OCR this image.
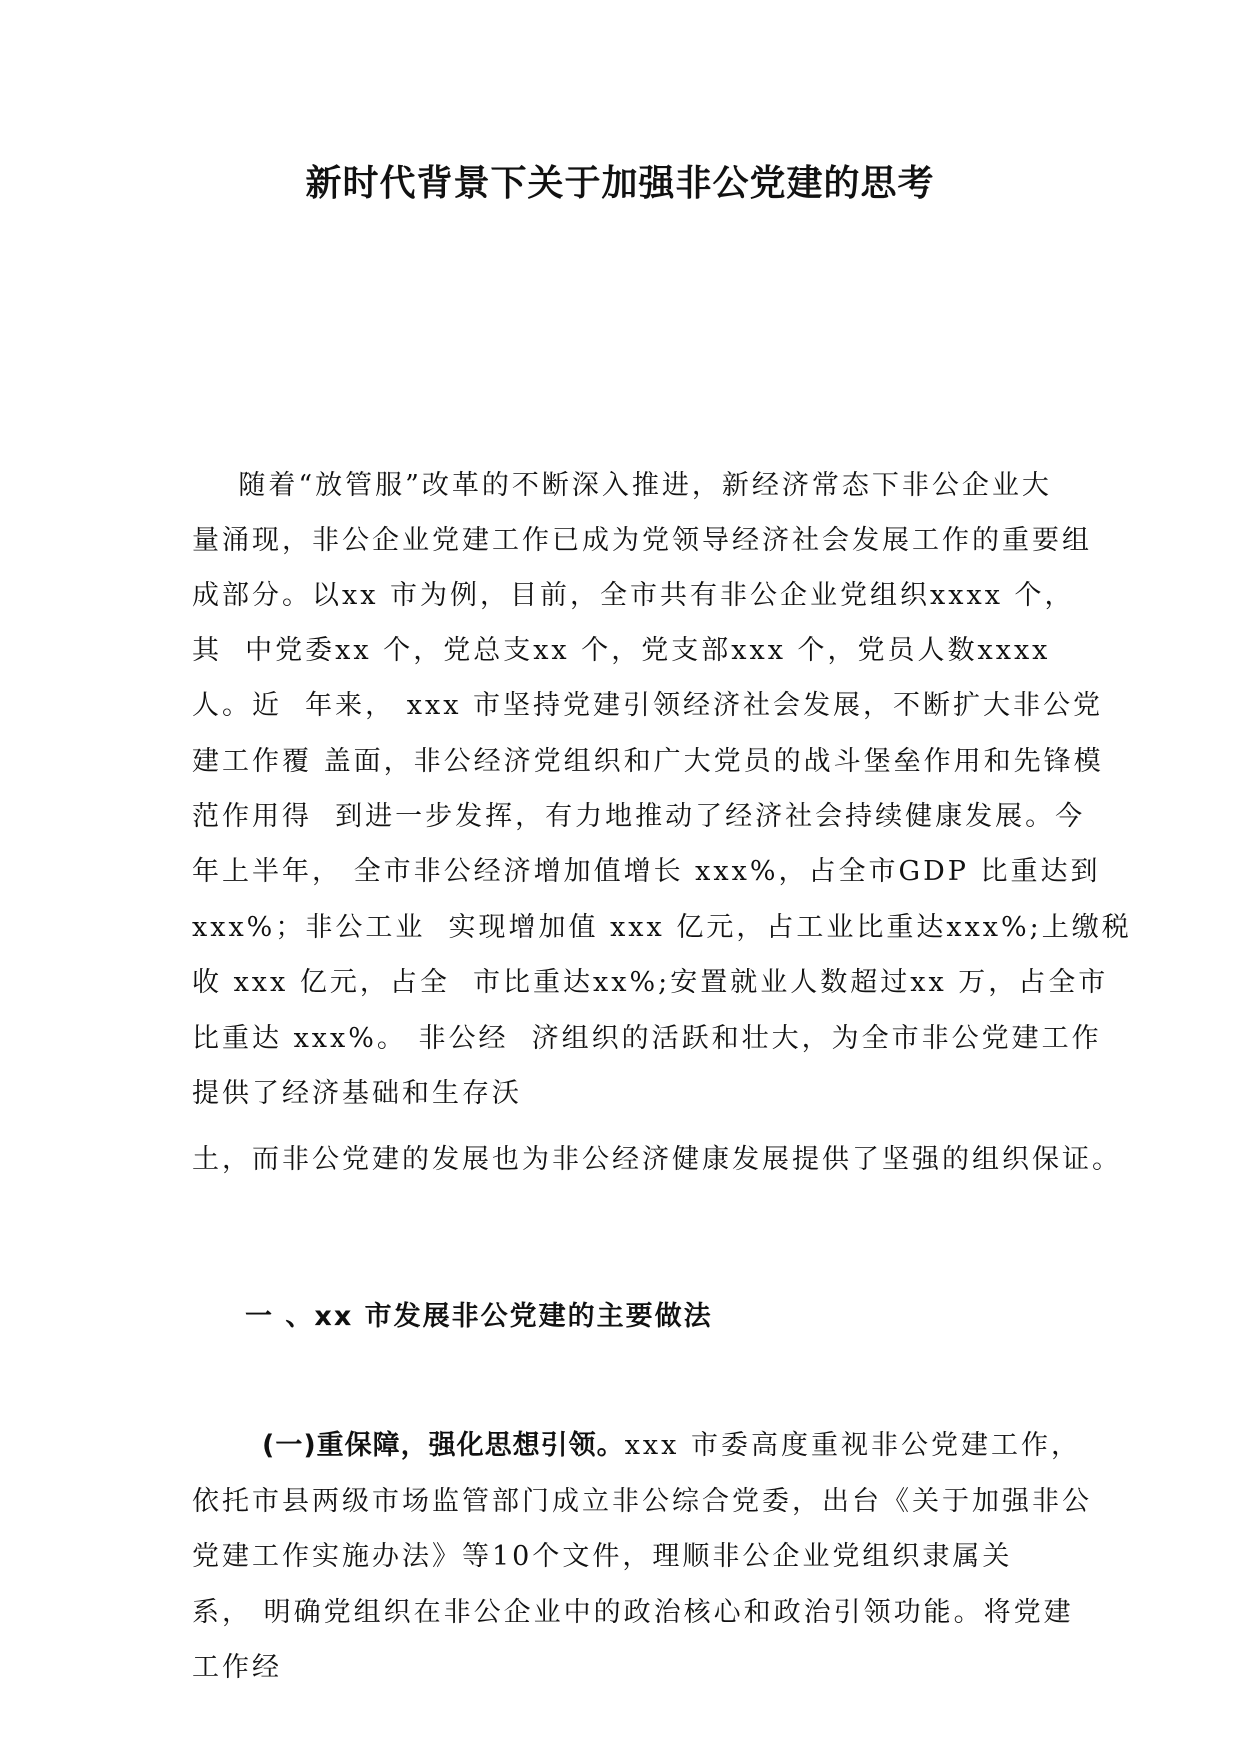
新时代背景下关于加强非公党建的思考
随着“放管服”改革的不断深入推进，新经济常态下非公企业大
量涌现，非公企业党建工作已成为党领导经济社会发展工作的重要组
成部分。以xx 市为例，目前，全市共有非公企业党组织xxxx 个，
其  中党委xx 个，党总支xx 个，党支部xxx 个，党员人数xxxx
人。近  年来， xxx 市坚持党建引领经济社会发展，不断扩大非公党
建工作覆 盖面，非公经济党组织和广大党员的战斗堡垒作用和先锋模
范作用得  到进一步发挥，有力地推动了经济社会持续健康发展。今
年上半年， 全市非公经济增加值增长 xxx%，占全市GDP 比重达到
xxx%；非公工业  实现增加值 xxx 亿元，占工业比重达xxx%;上缴税
收 xxx 亿元，占全  市比重达xx%;安置就业人数超过xx 万，占全市
比重达 xxx%。 非公经  济组织的活跃和壮大，为全市非公党建工作
提供了经济基础和生存沃
土，而非公党建的发展也为非公经济健康发展提供了坚强的组织保证。
一 、xx 市发展非公党建的主要做法
(一)重保障，强化思想引领。xxx 市委高度重视非公党建工作，
依托市县两级市场监管部门成立非公综合党委，出台《关于加强非公
党建工作实施办法》等10个文件，理顺非公企业党组织隶属关
系， 明确党组织在非公企业中的政治核心和政治引领功能。将党建
工作经
